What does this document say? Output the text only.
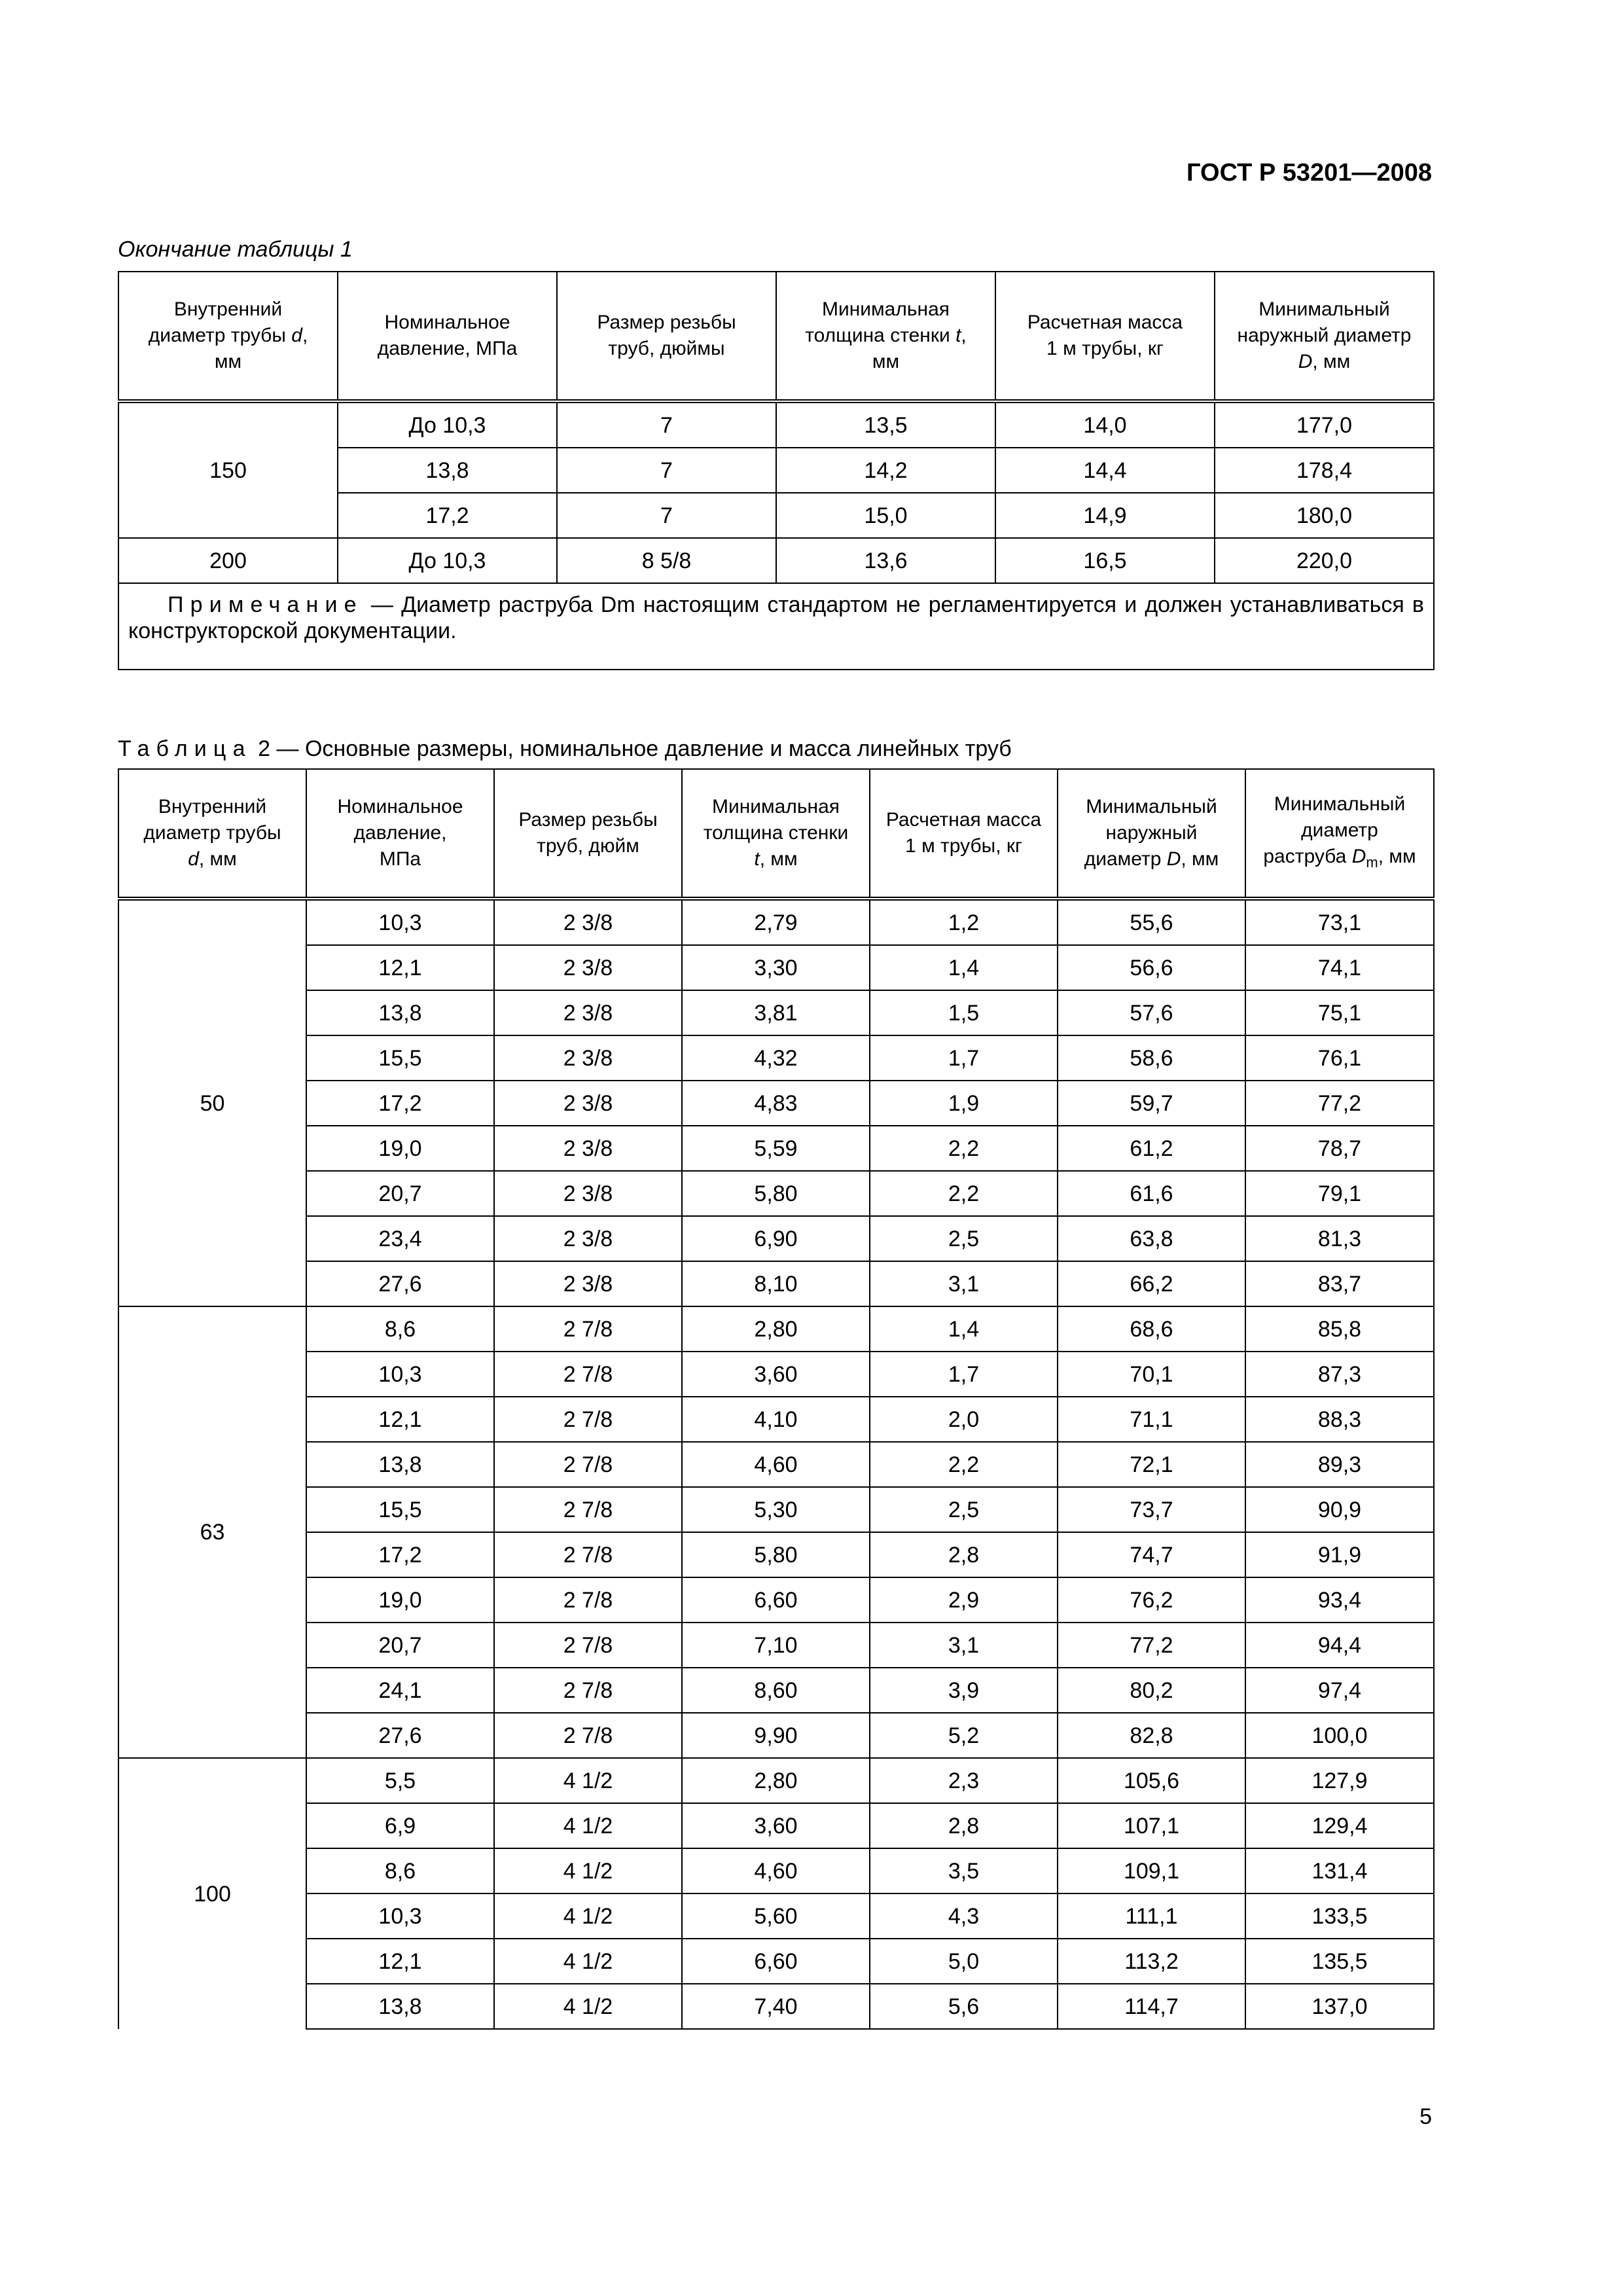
ГОСТ Р 53201—2008
Окончание таблицы 1
Внутренний
диаметр трубы d,
мм	Номинальное
давление, МПа	Размер резьбы
труб, дюймы	Минимальная
толщина стенки t,
мм	Расчетная масса
1 м трубы, кг	Минимальный
наружный диаметр
D, мм
150	До 10,3	7	13,5	14,0	177,0
	13,8	7	14,2	14,4	178,4
	17,2	7	15,0	14,9	180,0
200	До 10,3	8 5/8	13,6	16,5	220,0
Примечание — Диаметр раструба Dm настоящим стандартом не регламентируется и должен устанавливаться в конструкторской документации.					
Таблица 2 — Основные размеры, номинальное давление и масса линейных труб
Внутренний
диаметр трубы
d, мм	Номинальное
давление,
МПа	Размер резьбы
труб, дюйм	Минимальная
толщина стенки
t, мм	Расчетная масса
1 м трубы, кг	Минимальный
наружный
диаметр D, мм	Минимальный
диаметр
раструба $D_m$, мм
50	10,3	2 3/8	2,79	1,2	55,6	73,1
	12,1	2 3/8	3,30	1,4	56,6	74,1
	13,8	2 3/8	3,81	1,5	57,6	75,1
	15,5	2 3/8	4,32	1,7	58,6	76,1
	17,2	2 3/8	4,83	1,9	59,7	77,2
	19,0	2 3/8	5,59	2,2	61,2	78,7
	20,7	2 3/8	5,80	2,2	61,6	79,1
	23,4	2 3/8	6,90	2,5	63,8	81,3
	27,6	2 3/8	8,10	3,1	66,2	83,7
63	8,6	2 7/8	2,80	1,4	68,6	85,8
	10,3	2 7/8	3,60	1,7	70,1	87,3
	12,1	2 7/8	4,10	2,0	71,1	88,3
	13,8	2 7/8	4,60	2,2	72,1	89,3
	15,5	2 7/8	5,30	2,5	73,7	90,9
	17,2	2 7/8	5,80	2,8	74,7	91,9
	19,0	2 7/8	6,60	2,9	76,2	93,4
	20,7	2 7/8	7,10	3,1	77,2	94,4
	24,1	2 7/8	8,60	3,9	80,2	97,4
	27,6	2 7/8	9,90	5,2	82,8	100,0
100	5,5	4 1/2	2,80	2,3	105,6	127,9
	6,9	4 1/2	3,60	2,8	107,1	129,4
	8,6	4 1/2	4,60	3,5	109,1	131,4
	10,3	4 1/2	5,60	4,3	111,1	133,5
	12,1	4 1/2	6,60	5,0	113,2	135,5
	13,8	4 1/2	7,40	5,6	114,7	137,0
5
